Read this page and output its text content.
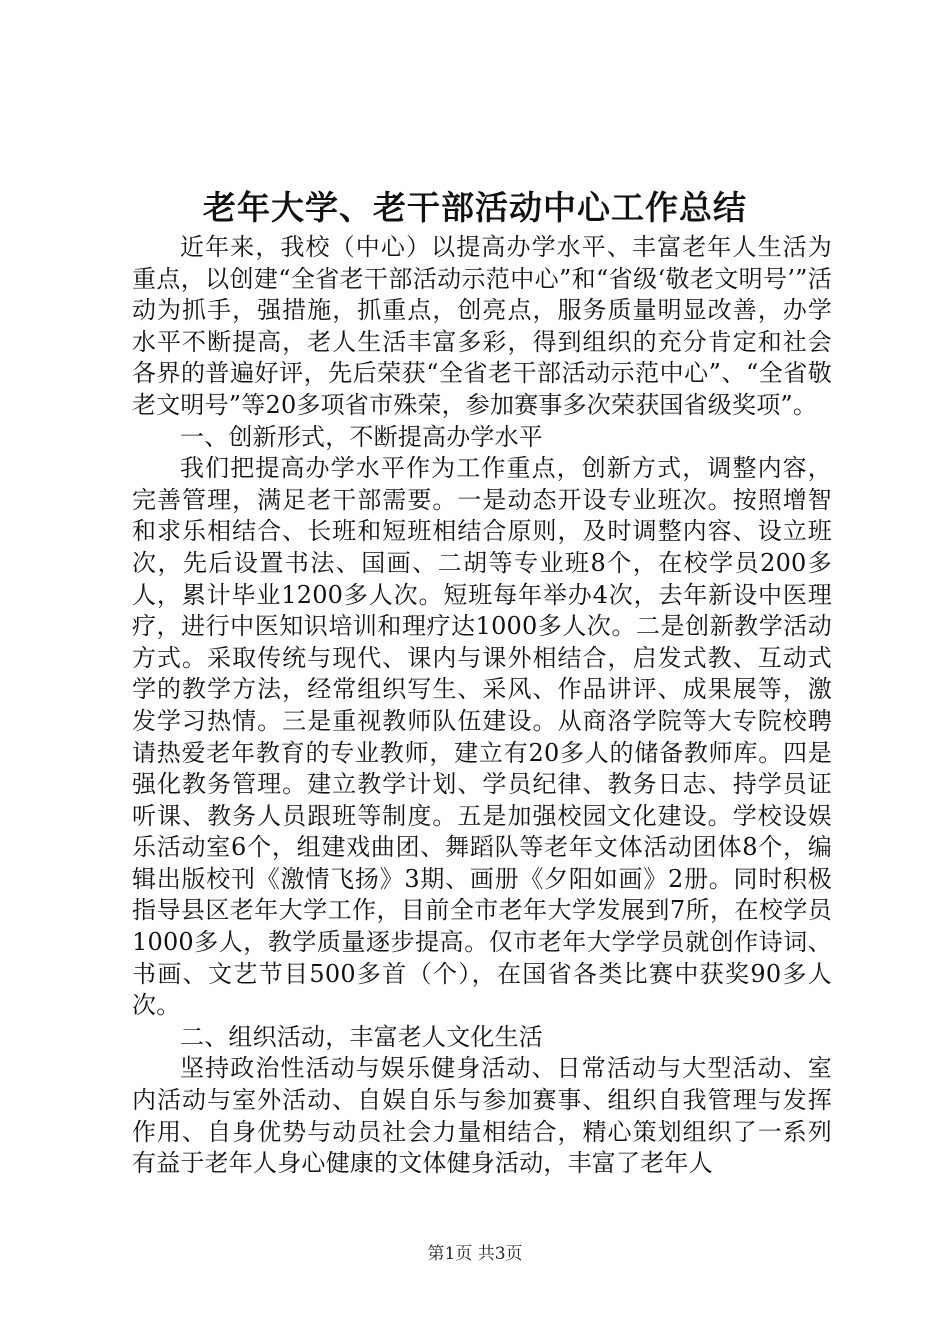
老年大学、老干部活动中心工作总结

近年来，我校（中心）以提高办学水平、丰富老年人生活为重点，以创建“全省老干部活动示范中心”和“省级‘敬老文明号’”活动为抓手，强措施，抓重点，创亮点，服务质量明显改善，办学水平不断提高，老人生活丰富多彩，得到组织的充分肯定和社会各界的普遍好评，先后荣获“全省老干部活动示范中心”、“全省敬老文明号”等20多项省市殊荣，参加赛事多次荣获国省级奖项”。

一、创新形式，不断提高办学水平

我们把提高办学水平作为工作重点，创新方式，调整内容，完善管理，满足老干部需要。一是动态开设专业班次。按照增智和求乐相结合、长班和短班相结合原则，及时调整内容、设立班次，先后设置书法、国画、二胡等专业班8个，在校学员200多人，累计毕业1200多人次。短班每年举办4次，去年新设中医理疗，进行中医知识培训和理疗达1000多人次。二是创新教学活动方式。采取传统与现代、课内与课外相结合，启发式教、互动式学的教学方法，经常组织写生、采风、作品讲评、成果展等，激发学习热情。三是重视教师队伍建设。从商洛学院等大专院校聘请热爱老年教育的专业教师，建立有20多人的储备教师库。四是强化教务管理。建立教学计划、学员纪律、教务日志、持学员证听课、教务人员跟班等制度。五是加强校园文化建设。学校设娱乐活动室6个，组建戏曲团、舞蹈队等老年文体活动团体8个，编辑出版校刊《激情飞扬》3期、画册《夕阳如画》2册。同时积极指导县区老年大学工作，目前全市老年大学发展到7所，在校学员1000多人，教学质量逐步提高。仅市老年大学学员就创作诗词、书画、文艺节目500多首（个），在国省各类比赛中获奖90多人次。

二、组织活动，丰富老人文化生活

坚持政治性活动与娱乐健身活动、日常活动与大型活动、室内活动与室外活动、自娱自乐与参加赛事、组织自我管理与发挥作用、自身优势与动员社会力量相结合，精心策划组织了一系列有益于老年人身心健康的文体健身活动，丰富了老年人

第1页 共3页
